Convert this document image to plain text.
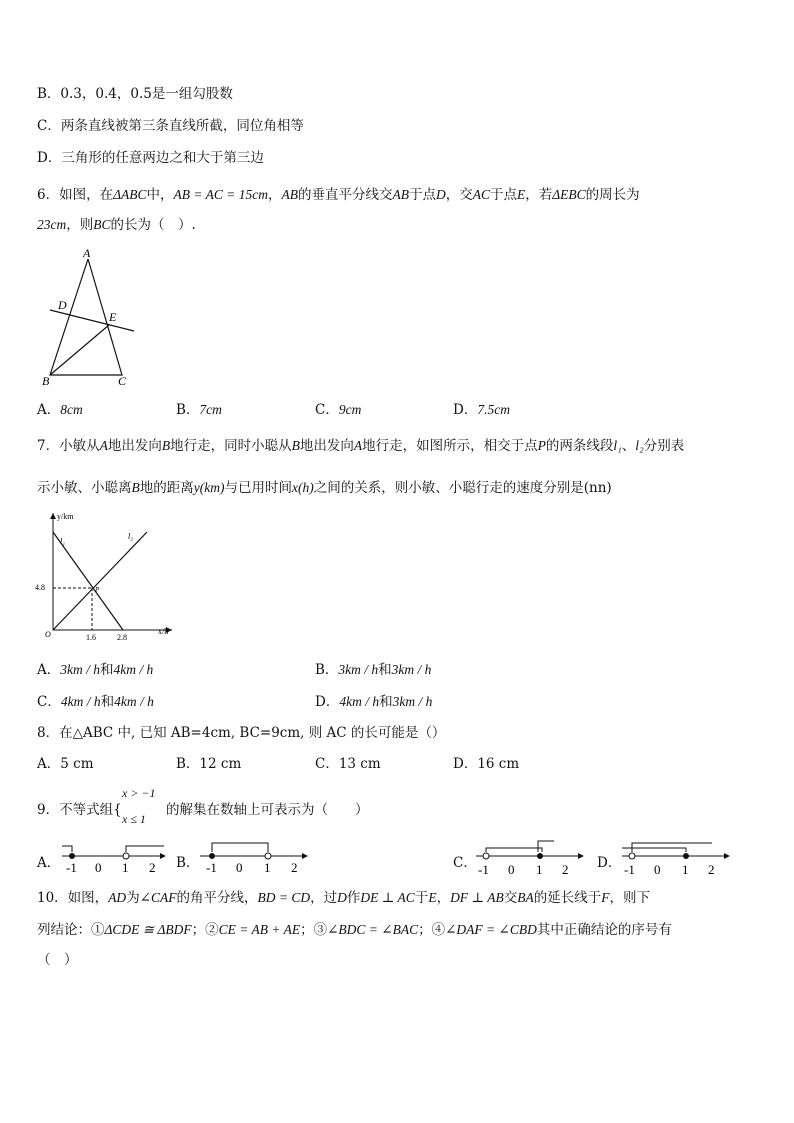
B．0.3，0.4，0.5是一组勾股数
C．两条直线被第三条直线所截，同位角相等
D．三角形的任意两边之和大于第三边
6．如图，在ΔABC中，AB = AC = 15cm，AB的垂直平分线交AB于点D，交AC于点E，若ΔEBC的周长为
23cm，则BC的长为（　）.
A
D
E
B	C
A．8cm	B．7cm	C．9cm	D．7.5cm
7．小敏从A地出发向B地行走，同时小聪从B地出发向A地行走，如图所示，相交于点P的两条线段l₁、l₂分别表
示小敏、小聪离B地的距离y(km)与已用时间x(h)之间的关系，则小敏、小聪行走的速度分别是(nn)
y/km
x/h
O
l₁
l₂
P
4.8
1.6	2.8
A．3km / h和4km / h	B．3km / h和3km / h
C．4km / h和4km / h	D．4km / h和3km / h
8．在△ABC 中, 已知 AB=4cm, BC=9cm, 则 AC 的长可能是（）
A．5 cm	B．12 cm	C．13 cm	D．16 cm
9．不等式组{
x > −1
x ≤ 1
的解集在数轴上可表示为（　　）
A．	B．	C．	D．
-1 0 1 2	-1 0 1 2	-1 0 1 2	-1 0 1 2
10．如图，AD为∠CAF的角平分线，BD = CD，过D作DE ⊥ AC于E，DF ⊥ AB交BA的延长线于F，则下
列结论：①ΔCDE ≅ ΔBDF；②CE = AB + AE；③∠BDC = ∠BAC；④∠DAF = ∠CBD其中正确结论的序号有
（　）
